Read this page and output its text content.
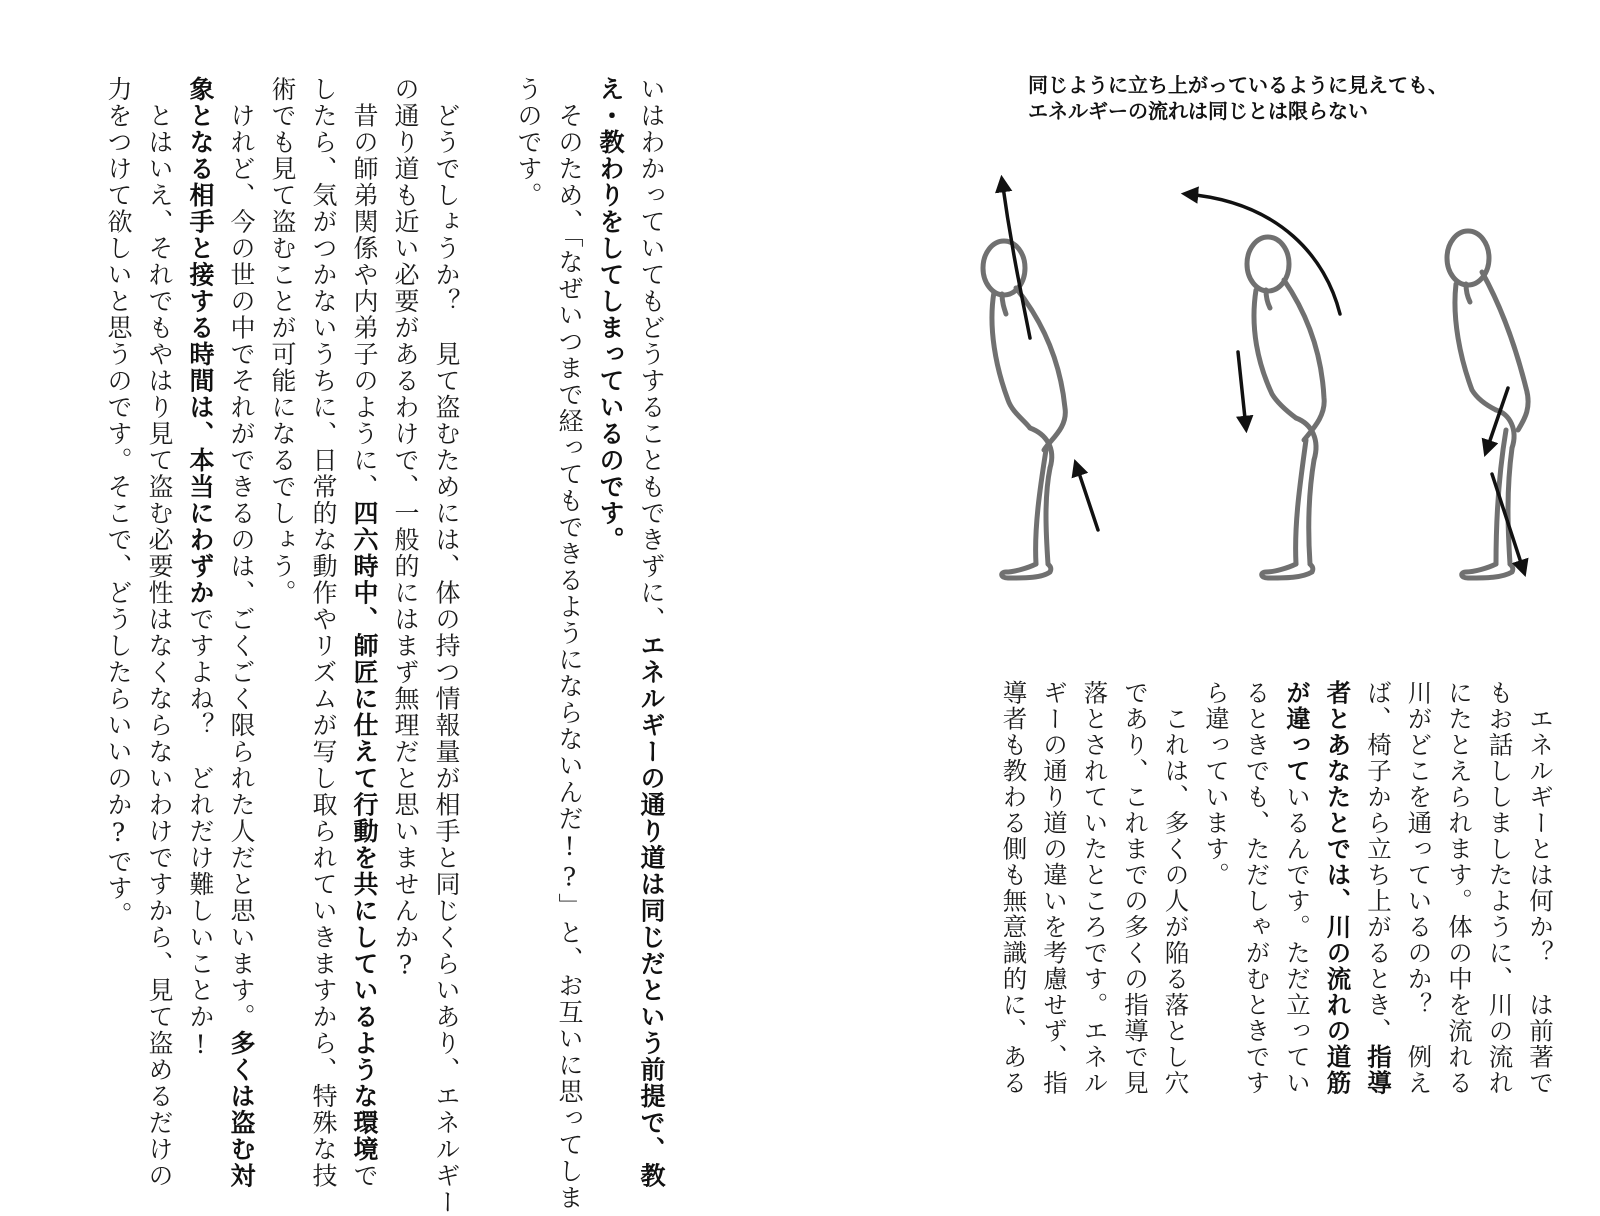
いはわかっていてもどうすることもできずに、エネルギーの通り道は同じだという前提で、教
え・教わりをしてしまっているのです。
　そのため、「なぜいつまで経ってもできるようにならないんだ!?」と、お互いに思ってしま
うのです。

　どうでしょうか？　見て盗むためには、体の持つ情報量が相手と同じくらいあり、エネルギー
の通り道も近い必要があるわけで、一般的にはまず無理だと思いませんか?
　昔の師弟関係や内弟子のように、四六時中、師匠に仕えて行動を共にしているような環境で
したら、気がつかないうちに、日常的な動作やリズムが写し取られていきますから、特殊な技
術でも見て盗むことが可能になるでしょう。
　けれど、今の世の中でそれができるのは、ごくごく限られた人だと思います。多くは盗む対
象となる相手と接する時間は、本当にわずかですよね？　どれだけ難しいことか!
　とはいえ、それでもやはり見て盗む必要性はなくならないわけですから、見て盗めるだけの
力をつけて欲しいと思うのです。そこで、どうしたらいいのか?です。	同じように立ち上がっているように見えても、
エネルギーの流れは同じとは限らない
　エネルギーとは何か？　は前著で
もお話ししましたように、川の流れ
にたとえられます。体の中を流れる
川がどこを通っているのか？　例え
ば、椅子から立ち上がるとき、指導
者とあなたとでは、川の流れの道筋
が違っているんです。ただ立ってい
るときでも、ただしゃがむときです
ら違っています。
　これは、多くの人が陥る落とし穴
であり、これまでの多くの指導で見
落とされていたところです。エネル
ギーの通り道の違いを考慮せず、指
導者も教わる側も無意識的に、ある
